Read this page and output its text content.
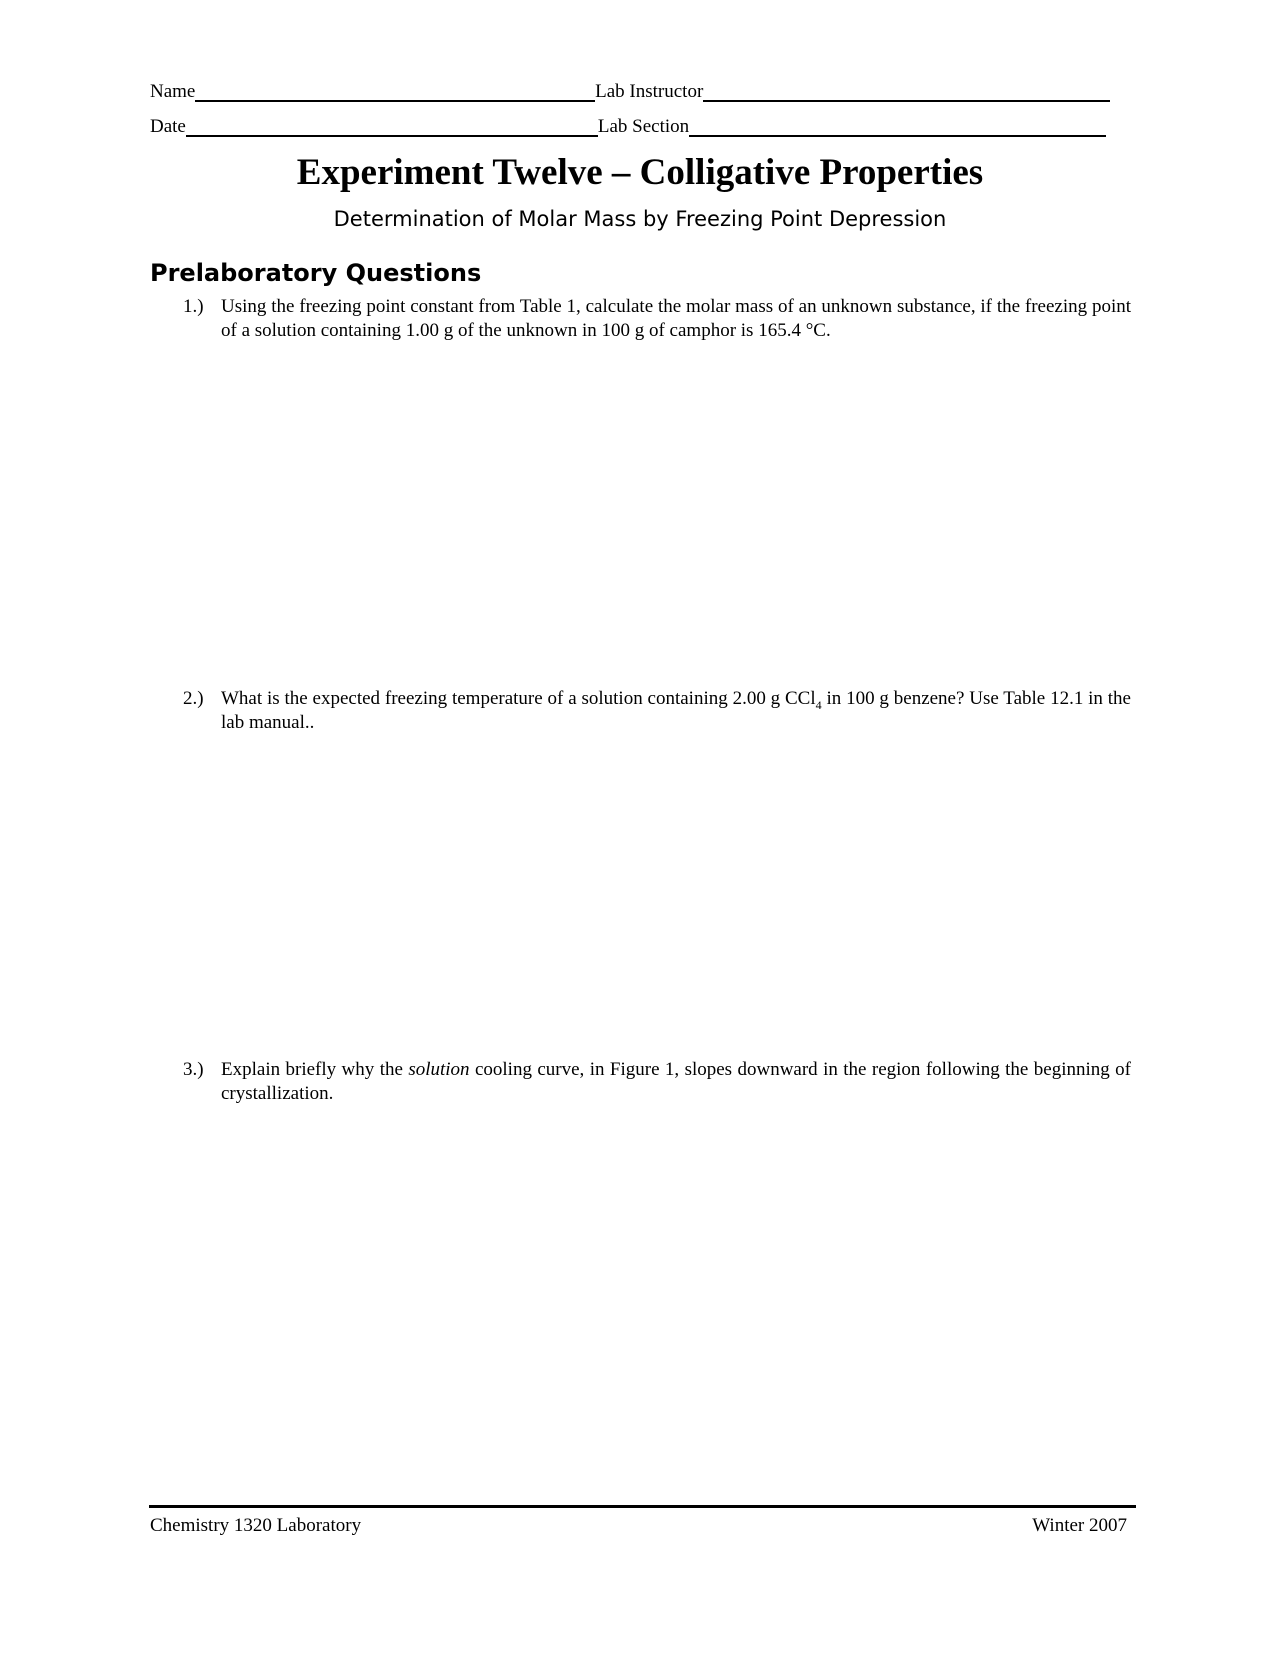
Name	Lab Instructor
Date	Lab Section
Experiment Twelve – Colligative Properties
Determination of Molar Mass by Freezing Point Depression
Prelaboratory Questions
1.) Using the freezing point constant from Table 1, calculate the molar mass of an unknown substance, if the freezing point of a solution containing 1.00 g of the unknown in 100 g of camphor is 165.4 °C.
2.) What is the expected freezing temperature of a solution containing 2.00 g CCl$_4$ in 100 g benzene? Use Table 12.1 in the lab manual..
3.) Explain briefly why the solution cooling curve, in Figure 1, slopes downward in the region following the beginning of crystallization.
Chemistry 1320 Laboratory	Winter 2007
